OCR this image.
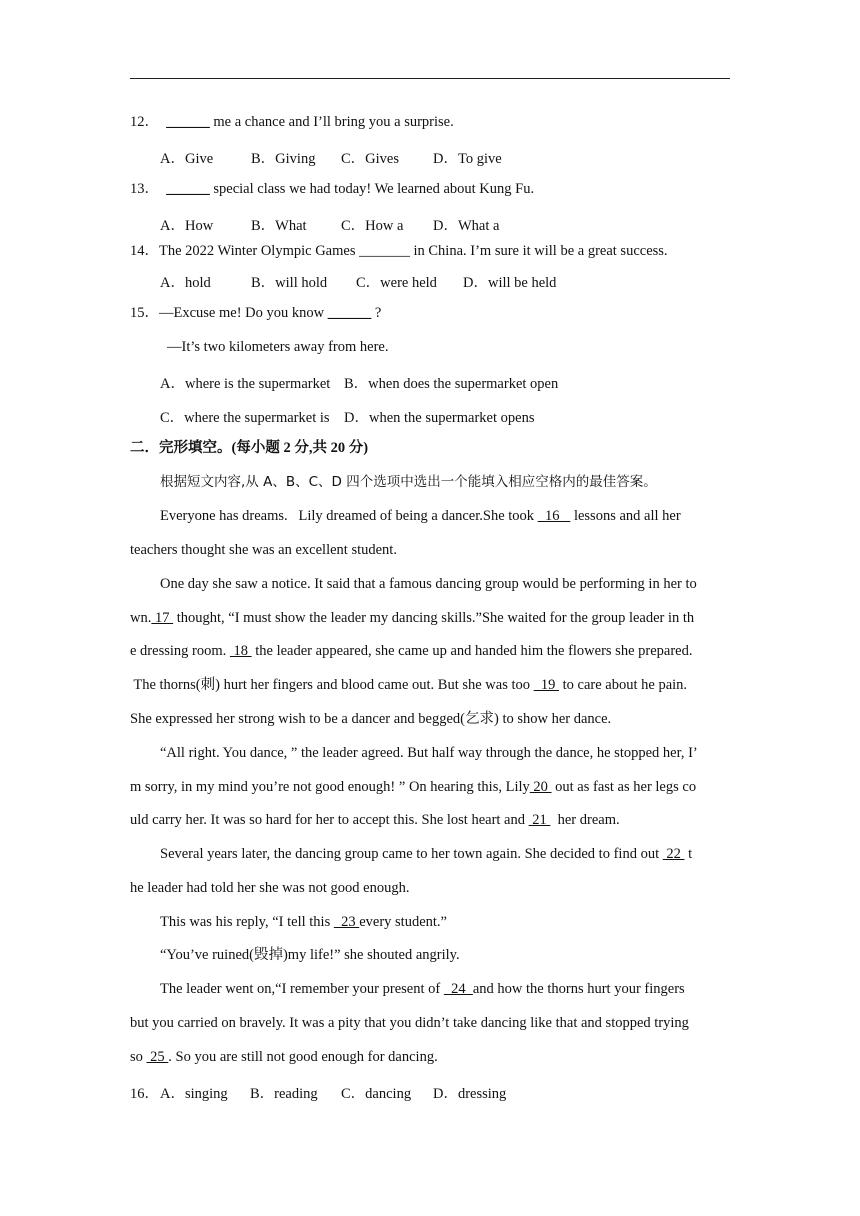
12． ______ me a chance and I’ll bring you a surprise.
A．Give	B．Giving C．Gives D．To give
13． ______ special class we had today! We learned about Kung Fu.
A．How	B．What C．How a D．What a
14．The 2022 Winter Olympic Games _______ in China. I’m sure it will be a great success.
A．hold	B．will hold C．were held D．will be held
15．—Excuse me! Do you know ______ ?
—It’s two kilometers away from here.
A．where is the supermarket B．when does the supermarket open
C．where the supermarket is D．when the supermarket opens
二．完形填空。(每小题 2 分,共 20 分)
根据短文内容,从 A、B、C、D 四个选项中选出一个能填入相应空格内的最佳答案。
Everyone has dreams.   Lily dreamed of being a dancer.She took   16    lessons and all her
teachers thought she was an excellent student.
One day she saw a notice. It said that a famous dancing group would be performing in her to
wn. 17  thought, “I must show the leader my dancing skills.”She waited for the group leader in th
e dressing room.  18  the leader appeared, she came up and handed him the flowers she prepared.
The thorns(刺) hurt her fingers and blood came out. But she was too   19  to care about he pain.
She expressed her strong wish to be a dancer and begged(乞求) to show her dance.
“All right. You dance, ” the leader agreed. But half way through the dance, he stopped her, I’
m sorry, in my mind you’re not good enough! ” On hearing this, Lily 20  out as fast as her legs co
uld carry her. It was so hard for her to accept this. She lost heart and  21   her dream.
Several years later, the dancing group came to her town again. She decided to find out  22  t
he leader had told her she was not good enough.
This was his reply, “I tell this   23 every student.”
“You’ve ruined(毁掉)my life!” she shouted angrily.
The leader went on,“I remember your present of   24  and how the thorns hurt your fingers
but you carried on bravely. It was a pity that you didn’t take dancing like that and stopped trying
so  25 . So you are still not good enough for dancing.
16． A．singing B．reading C．dancing D．dressing
